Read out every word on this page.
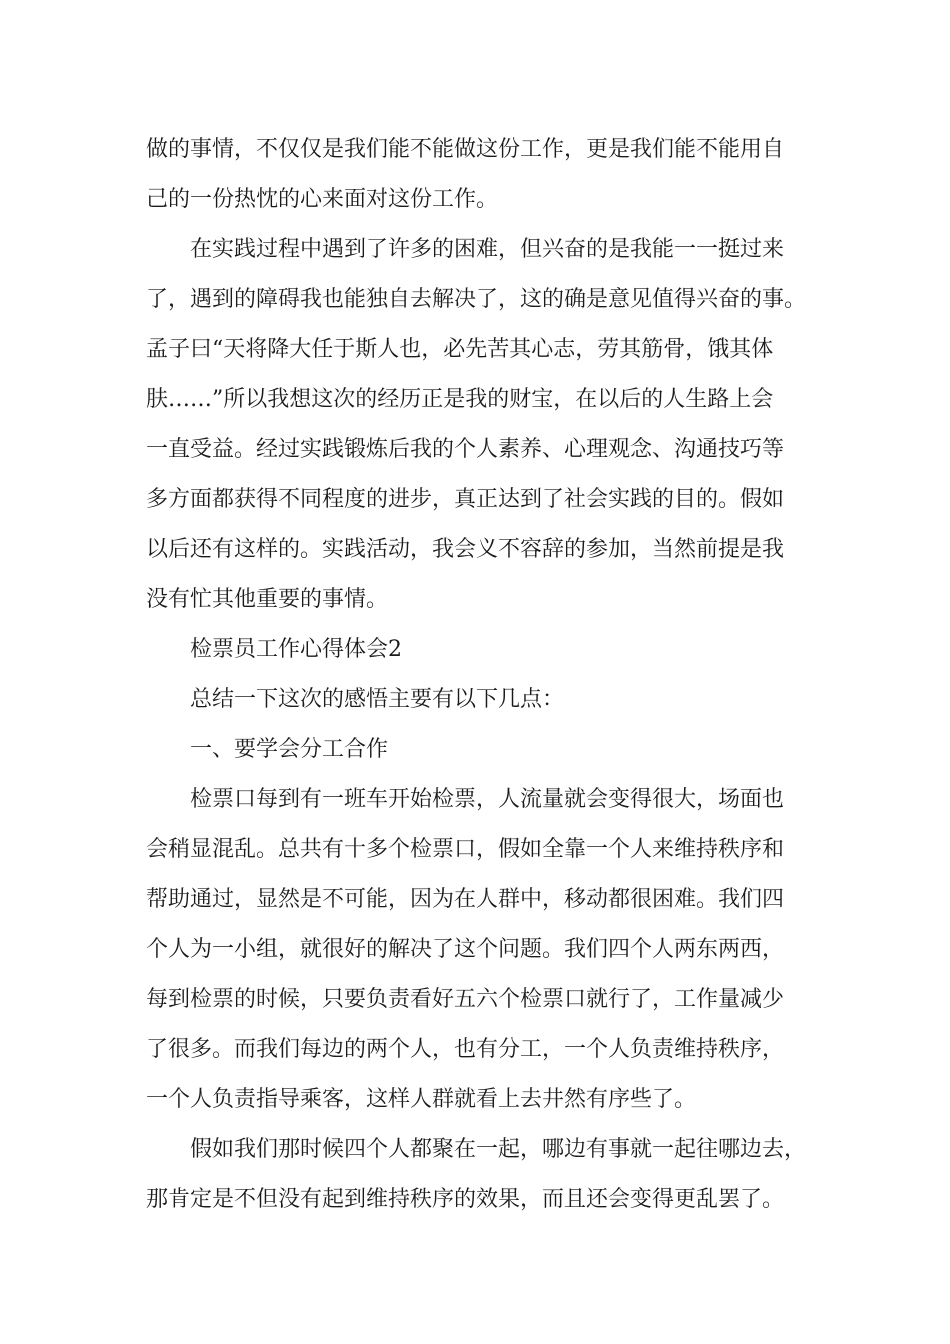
做的事情，不仅仅是我们能不能做这份工作，更是我们能不能用自
己的一份热忱的心来面对这份工作。
在实践过程中遇到了许多的困难，但兴奋的是我能一一挺过来
了，遇到的障碍我也能独自去解决了，这的确是意见值得兴奋的事。
孟子曰“天将降大任于斯人也，必先苦其心志，劳其筋骨，饿其体
肤……”所以我想这次的经历正是我的财宝，在以后的人生路上会
一直受益。经过实践锻炼后我的个人素养、心理观念、沟通技巧等
多方面都获得不同程度的进步，真正达到了社会实践的目的。假如
以后还有这样的。实践活动，我会义不容辞的参加，当然前提是我
没有忙其他重要的事情。
检票员工作心得体会2
总结一下这次的感悟主要有以下几点：
一、要学会分工合作
检票口每到有一班车开始检票，人流量就会变得很大，场面也
会稍显混乱。总共有十多个检票口，假如全靠一个人来维持秩序和
帮助通过，显然是不可能，因为在人群中，移动都很困难。我们四
个人为一小组，就很好的解决了这个问题。我们四个人两东两西，
每到检票的时候，只要负责看好五六个检票口就行了，工作量减少
了很多。而我们每边的两个人，也有分工，一个人负责维持秩序，
一个人负责指导乘客，这样人群就看上去井然有序些了。
假如我们那时候四个人都聚在一起，哪边有事就一起往哪边去，
那肯定是不但没有起到维持秩序的效果，而且还会变得更乱罢了。
